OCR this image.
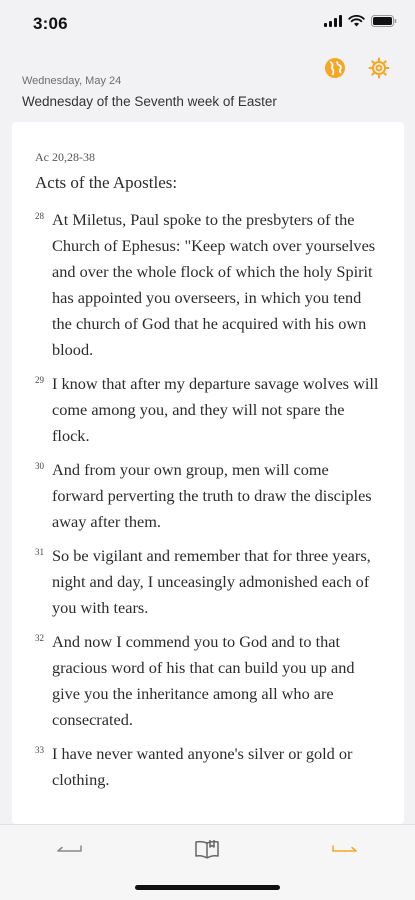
3:06
Wednesday, May 24
Wednesday of the Seventh week of Easter
Ac 20,28-38
Acts of the Apostles:
28 At Miletus, Paul spoke to the presbyters of the Church of Ephesus: "Keep watch over yourselves and over the whole flock of which the holy Spirit has appointed you overseers, in which you tend the church of God that he acquired with his own blood.
29 I know that after my departure savage wolves will come among you, and they will not spare the flock.
30 And from your own group, men will come forward perverting the truth to draw the disciples away after them.
31 So be vigilant and remember that for three years, night and day, I unceasingly admonished each of you with tears.
32 And now I commend you to God and to that gracious word of his that can build you up and give you the inheritance among all who are consecrated.
33 I have never wanted anyone's silver or gold or clothing.
